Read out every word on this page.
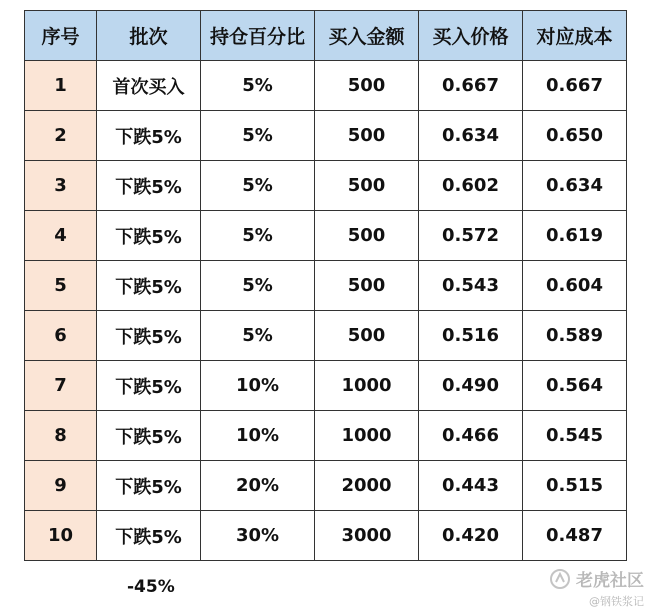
序号	批次	持仓百分比	买入金额	买入价格	对应成本
1	首次买入	5%	500	0.667	0.667
2	下跌5%	5%	500	0.634	0.650
3	下跌5%	5%	500	0.602	0.634
4	下跌5%	5%	500	0.572	0.619
5	下跌5%	5%	500	0.543	0.604
6	下跌5%	5%	500	0.516	0.589
7	下跌5%	10%	1000	0.490	0.564
8	下跌5%	10%	1000	0.466	0.545
9	下跌5%	20%	2000	0.443	0.515
10	下跌5%	30%	3000	0.420	0.487
-45%	老虎社区
@钢铁浆记
